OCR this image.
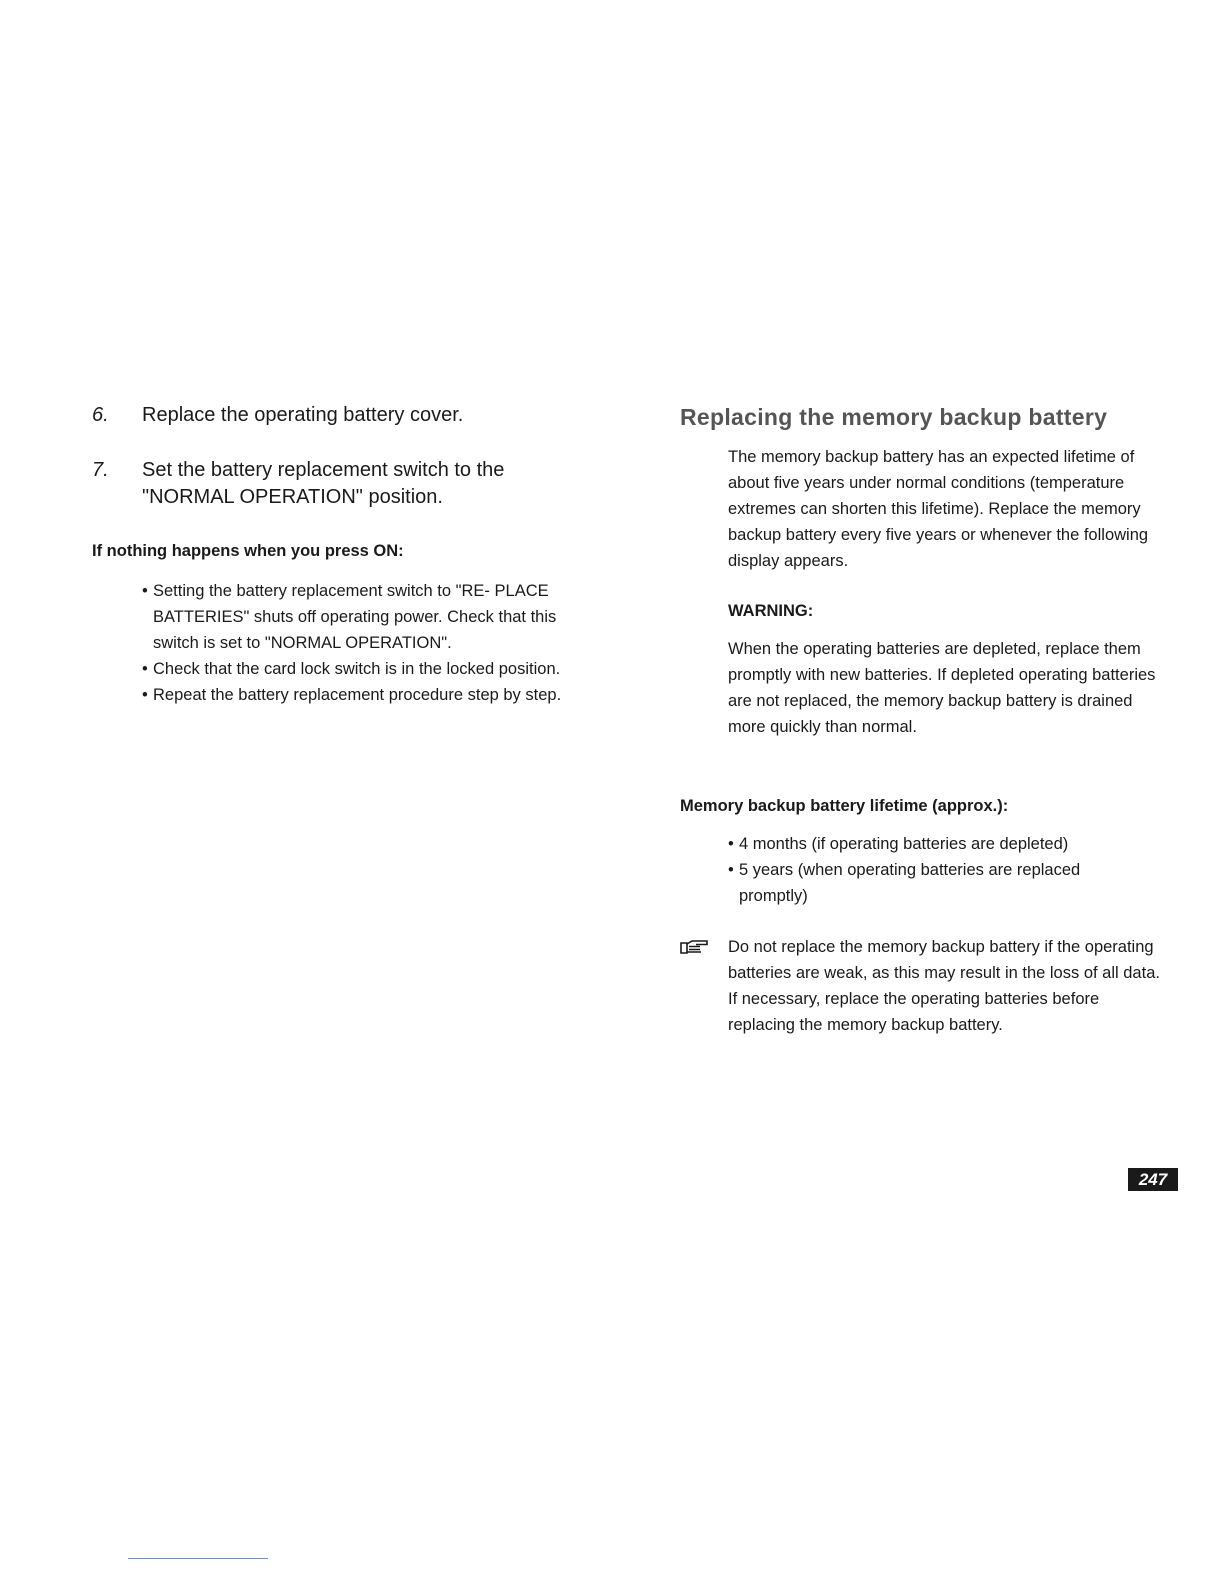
6. Replace the operating battery cover.
7. Set the battery replacement switch to the "NORMAL OPERATION" position.
If nothing happens when you press ON:
• Setting the battery replacement switch to "RE- PLACE BATTERIES" shuts off operating power. Check that this switch is set to "NORMAL OPERATION".
• Check that the card lock switch is in the locked position.
• Repeat the battery replacement procedure step by step.
Replacing the memory backup battery

The memory backup battery has an expected lifetime of about five years under normal conditions (temperature extremes can shorten this lifetime). Replace the memory backup battery every five years or whenever the following display appears.

WARNING:

When the operating batteries are depleted, replace them promptly with new batteries. If depleted operating batteries are not replaced, the memory backup battery is drained more quickly than normal.

Memory backup battery lifetime (approx.):
• 4 months (if operating batteries are depleted)
• 5 years (when operating batteries are replaced promptly)

Do not replace the memory backup battery if the operating batteries are weak, as this may result in the loss of all data. If necessary, replace the operating batteries before replacing the memory backup battery.

247
